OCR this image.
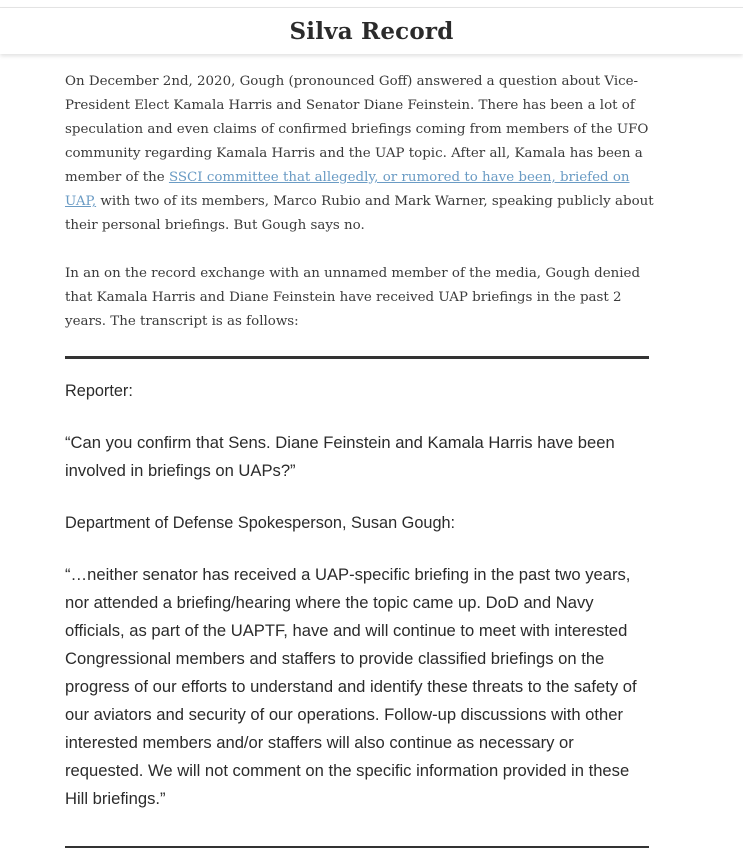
Silva Record

On December 2nd, 2020, Gough (pronounced Goff) answered a question about Vice-President Elect Kamala Harris and Senator Diane Feinstein. There has been a lot of speculation and even claims of confirmed briefings coming from members of the UFO community regarding Kamala Harris and the UAP topic. After all, Kamala has been a member of the SSCI committee that allegedly, or rumored to have been, briefed on UAP, with two of its members, Marco Rubio and Mark Warner, speaking publicly about their personal briefings. But Gough says no.

In an on the record exchange with an unnamed member of the media, Gough denied that Kamala Harris and Diane Feinstein have received UAP briefings in the past 2 years. The transcript is as follows:

Reporter:

“Can you confirm that Sens. Diane Feinstein and Kamala Harris have been involved in briefings on UAPs?”

Department of Defense Spokesperson, Susan Gough:

“…neither senator has received a UAP-specific briefing in the past two years, nor attended a briefing/hearing where the topic came up. DoD and Navy officials, as part of the UAPTF, have and will continue to meet with interested Congressional members and staffers to provide classified briefings on the progress of our efforts to understand and identify these threats to the safety of our aviators and security of our operations. Follow-up discussions with other interested members and/or staffers will also continue as necessary or requested. We will not comment on the specific information provided in these Hill briefings.”
